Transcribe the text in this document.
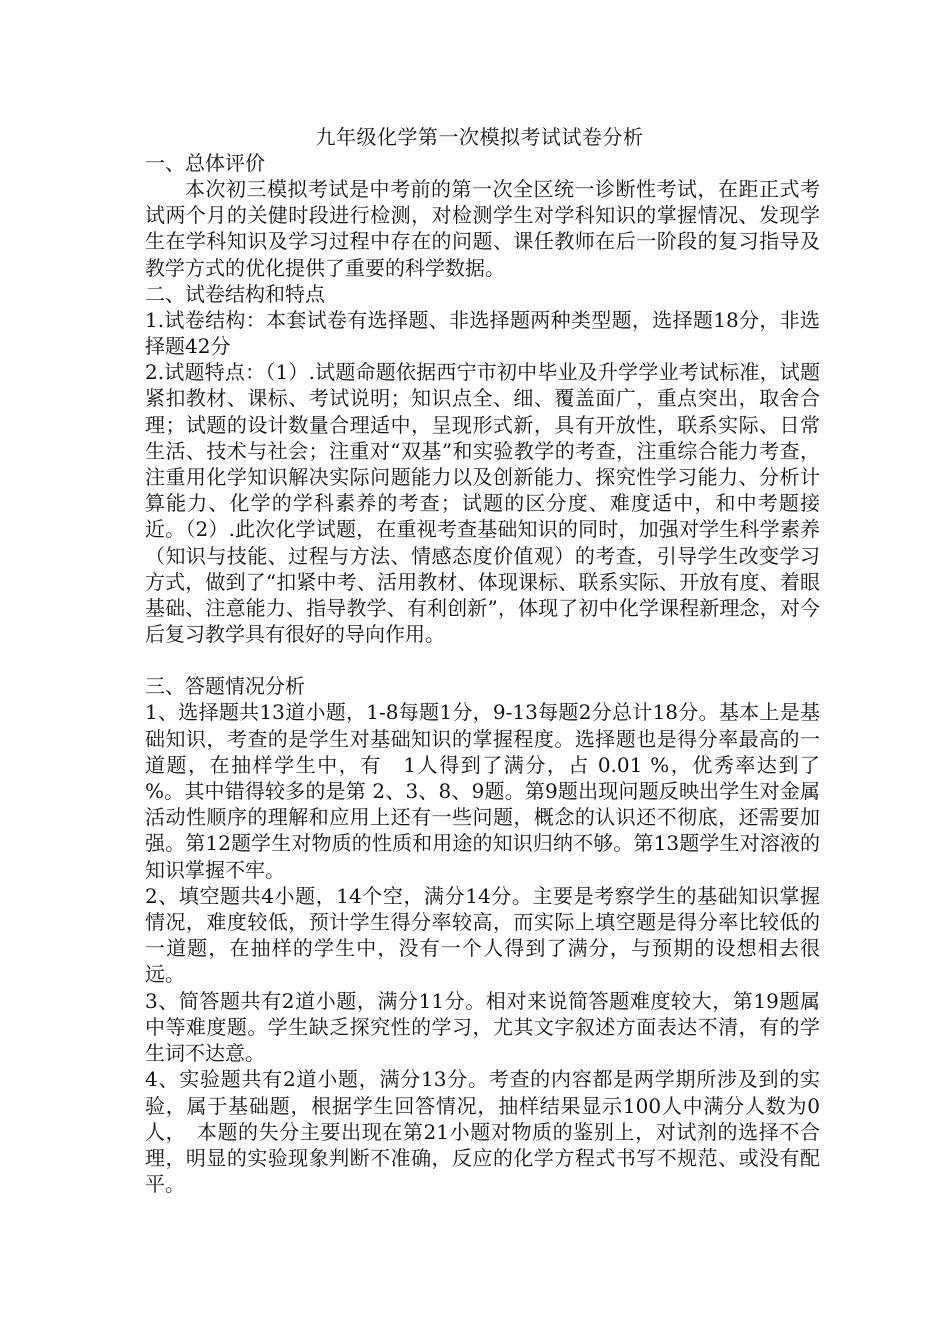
九年级化学第一次模拟考试试卷分析

一、总体评价

本次初三模拟考试是中考前的第一次全区统一诊断性考试，在距正式考试两个月的关健时段进行检测，对检测学生对学科知识的掌握情况、发现学生在学科知识及学习过程中存在的问题、课任教师在后一阶段的复习指导及教学方式的优化提供了重要的科学数据。

二、试卷结构和特点

1.试卷结构：本套试卷有选择题、非选择题两种类型题，选择题18分，非选择题42分

2.试题特点：（1）.试题命题依据西宁市初中毕业及升学学业考试标准，试题紧扣教材、课标、考试说明；知识点全、细、覆盖面广，重点突出，取舍合理；试题的设计数量合理适中，呈现形式新，具有开放性，联系实际、日常生活、技术与社会；注重对“双基”和实验教学的考查，注重综合能力考查，注重用化学知识解决实际问题能力以及创新能力、探究性学习能力、分析计算能力、化学的学科素养的考查；试题的区分度、难度适中，和中考题接近。（2）.此次化学试题，在重视考查基础知识的同时，加强对学生科学素养（知识与技能、过程与方法、情感态度价值观）的考查，引导学生改变学习方式，做到了“扣紧中考、活用教材、体现课标、联系实际、开放有度、着眼基础、注意能力、指导教学、有利创新”，体现了初中化学课程新理念，对今后复习教学具有很好的导向作用。

三、答题情况分析

1、选择题共13道小题，1-8每题1分，9-13每题2分总计18分。基本上是基础知识，考查的是学生对基础知识的掌握程度。选择题也是得分率最高的一道题，在抽样学生中，有　1人得到了满分，占 0.01 %，优秀率达到了　　%。其中错得较多的是第 2、3、8、9题。第9题出现问题反映出学生对金属活动性顺序的理解和应用上还有一些问题，概念的认识还不彻底，还需要加强。第12题学生对物质的性质和用途的知识归纳不够。第13题学生对溶液的知识掌握不牢。

2、填空题共4小题，14个空，满分14分。主要是考察学生的基础知识掌握情况，难度较低，预计学生得分率较高，而实际上填空题是得分率比较低的一道题，在抽样的学生中，没有一个人得到了满分，与预期的设想相去很远。

3、简答题共有2道小题，满分11分。相对来说简答题难度较大，第19题属中等难度题。学生缺乏探究性的学习，尤其文字叙述方面表达不清，有的学生词不达意。

4、实验题共有2道小题，满分13分。考查的内容都是两学期所涉及到的实验，属于基础题，根据学生回答情况，抽样结果显示100人中满分人数为0人，　本题的失分主要出现在第21小题对物质的鉴别上，对试剂的选择不合理，明显的实验现象判断不准确，反应的化学方程式书写不规范、或没有配平。
